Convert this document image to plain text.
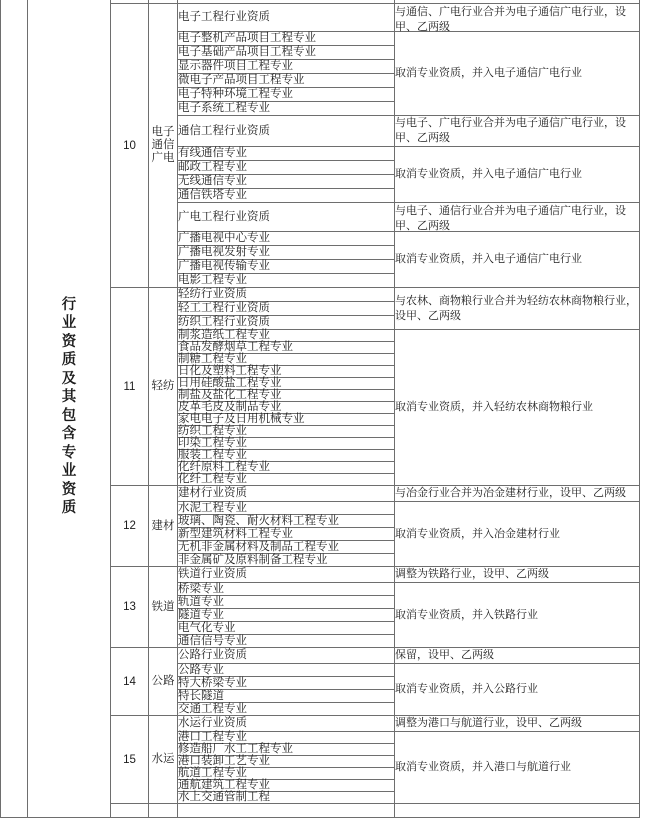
	行业资质及其包含专业资质				

		10	电子通信广电	电子工程行业资质	与通信、广电行业合并为电子通信广电行业，设甲、乙两级

				电子整机产品项目工程专业	取消专业资质，并入电子通信广电行业

				电子基础产品项目工程专业	
				显示器件项目工程专业	
				微电子产品项目工程专业	
				电子特种环境工程专业	
				电子系统工程专业	
				通信工程行业资质	与电子、广电行业合并为电子通信广电行业，设甲、乙两级

				有线通信专业	取消专业资质，并入电子通信广电行业

				邮政工程专业	
				无线通信专业	
				通信铁塔专业	
				广电工程行业资质	与电子、通信行业合并为电子通信广电行业，设甲、乙两级

				广播电视中心专业	取消专业资质，并入电子通信广电行业

				广播电视发射专业	
				广播电视传输专业	
				电影工程专业	
		11	轻纺	轻纺行业资质	与农林、商物粮行业合并为轻纺农林商物粮行业，设甲、乙两级

				轻工工程行业资质	
				纺织工程行业资质	
				制浆造纸工程专业	取消专业资质，并入轻纺农林商物粮行业

				食品发酵烟草工程专业	
				制糖工程专业	
				日化及塑料工程专业	
				日用硅酸盐工程专业	
				制盐及盐化工程专业	
				皮革毛皮及制品专业	
				家电电子及日用机械专业	
				纺织工程专业	
				印染工程专业	
				服装工程专业	
				化纤原料工程专业	
				化纤工程专业	
		12	建材	建材行业资质	与冶金行业合并为冶金建材行业，设甲、乙两级

				水泥工程专业	取消专业资质，并入冶金建材行业

				玻璃、陶瓷、耐火材料工程专业	
				新型建筑材料工程专业	
				无机非金属材料及制品工程专业	
				非金属矿及原料制备工程专业	
		13	铁道	铁道行业资质	调整为铁路行业，设甲、乙两级

				桥梁专业	取消专业资质，并入铁路行业

				轨道专业	
				隧道专业	
				电气化专业	
				通信信号专业	
		14	公路	公路行业资质	保留，设甲、乙两级

				公路专业	取消专业资质，并入公路行业

				特大桥梁专业	
				特长隧道	
				交通工程专业	
		15	水运	水运行业资质	调整为港口与航道行业，设甲、乙两级

				港口工程专业	取消专业资质，并入港口与航道行业

				修造船厂水工工程专业	
				港口装卸工艺专业	
				航道工程专业	
				通航建筑工程专业	
				水上交通管制工程	
